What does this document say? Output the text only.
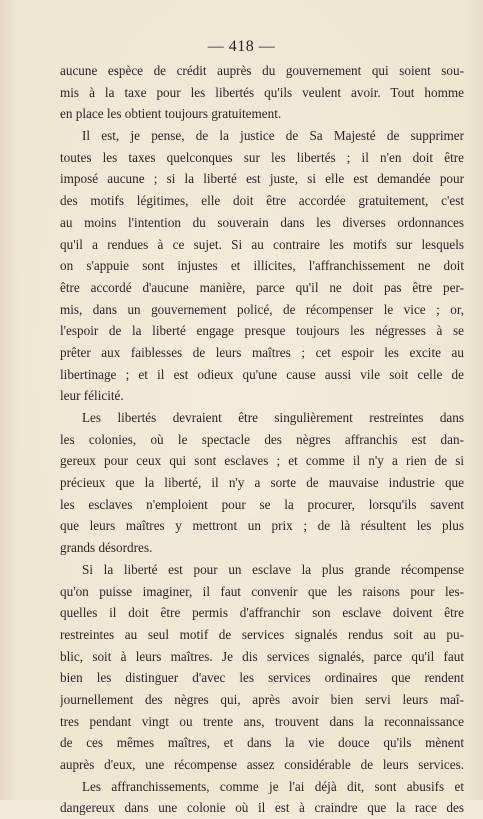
— 418 —
aucune espèce de crédit auprès du gouvernement qui soient sou-
mis à la taxe pour les libertés qu'ils veulent avoir. Tout homme
en place les obtient toujours gratuitement.
Il est, je pense, de la justice de Sa Majesté de supprimer
toutes les taxes quelconques sur les libertés ; il n'en doit être
imposé aucune ; si la liberté est juste, si elle est demandée pour
des motifs légitimes, elle doit être accordée gratuitement, c'est
au moins l'intention du souverain dans les diverses ordonnances
qu'il a rendues à ce sujet. Si au contraire les motifs sur lesquels
on s'appuie sont injustes et illicites, l'affranchissement ne doit
être accordé d'aucune manière, parce qu'il ne doit pas être per-
mis, dans un gouvernement policé, de récompenser le vice ; or,
l'espoir de la liberté engage presque toujours les négresses à se
prêter aux faiblesses de leurs maîtres ; cet espoir les excite au
libertinage ; et il est odieux qu'une cause aussi vile soit celle de
leur félicité.
Les libertés devraient être singulièrement restreintes dans
les colonies, où le spectacle des nègres affranchis est dan-
gereux pour ceux qui sont esclaves ; et comme il n'y a rien de si
précieux que la liberté, il n'y a sorte de mauvaise industrie que
les esclaves n'emploient pour se la procurer, lorsqu'ils savent
que leurs maîtres y mettront un prix ; de là résultent les plus
grands désordres.
Si la liberté est pour un esclave la plus grande récompense
qu'on puisse imaginer, il faut convenir que les raisons pour les-
quelles il doit être permis d'affranchir son esclave doivent être
restreintes au seul motif de services signalés rendus soit au pu-
blic, soit à leurs maîtres. Je dis services signalés, parce qu'il faut
bien les distinguer d'avec les services ordinaires que rendent
journellement des nègres qui, après avoir bien servi leurs maî-
tres pendant vingt ou trente ans, trouvent dans la reconnaissance
de ces mêmes maîtres, et dans la vie douce qu'ils mènent
auprès d'eux, une récompense assez considérable de leurs services.
Les affranchissements, comme je l'ai déjà dit, sont abusifs et
dangereux dans une colonie où il est à craindre que la race des
